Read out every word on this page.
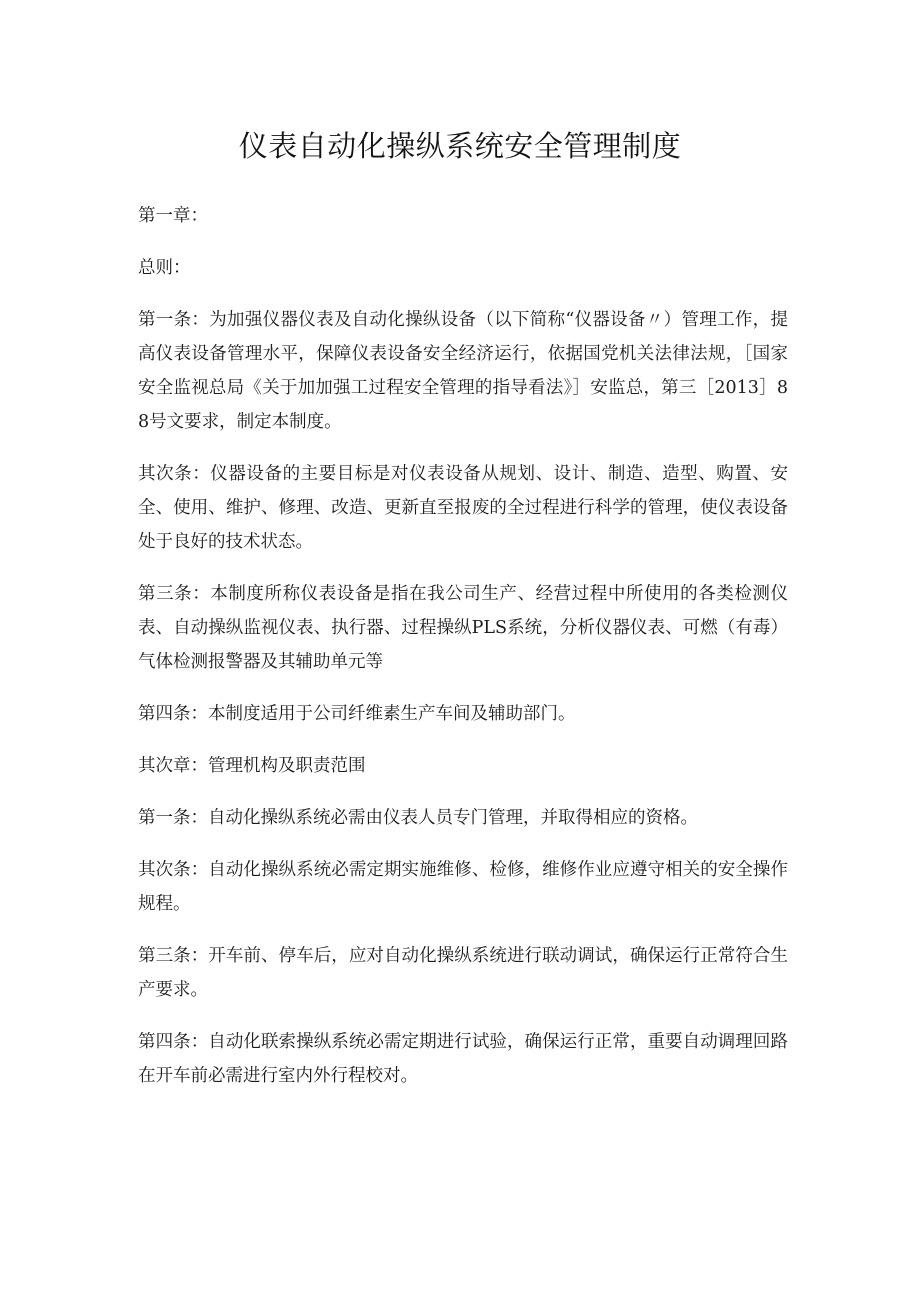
仪表自动化操纵系统安全管理制度

第一章：

总则：

第一条：为加强仪器仪表及自动化操纵设备（以下简称“仪器设备〃）管理工作，提高仪表设备管理水平，保障仪表设备安全经济运行，依据国党机关法律法规，［国家安全监视总局《关于加加强工过程安全管理的指导看法》］安监总，第三［2013］88号文要求，制定本制度。

其次条：仪器设备的主要目标是对仪表设备从规划、设计、制造、造型、购置、安全、使用、维护、修理、改造、更新直至报废的全过程进行科学的管理，使仪表设备处于良好的技术状态。

第三条：本制度所称仪表设备是指在我公司生产、经营过程中所使用的各类检测仪表、自动操纵监视仪表、执行器、过程操纵PLS系统，分析仪器仪表、可燃（有毒）气体检测报警器及其辅助单元等

第四条：本制度适用于公司纤维素生产车间及辅助部门。

其次章：管理机构及职责范围

第一条：自动化操纵系统必需由仪表人员专门管理，并取得相应的资格。

其次条：自动化操纵系统必需定期实施维修、检修，维修作业应遵守相关的安全操作规程。

第三条：开车前、停车后，应对自动化操纵系统进行联动调试，确保运行正常符合生产要求。

第四条：自动化联索操纵系统必需定期进行试验，确保运行正常，重要自动调理回路在开车前必需进行室内外行程校对。
